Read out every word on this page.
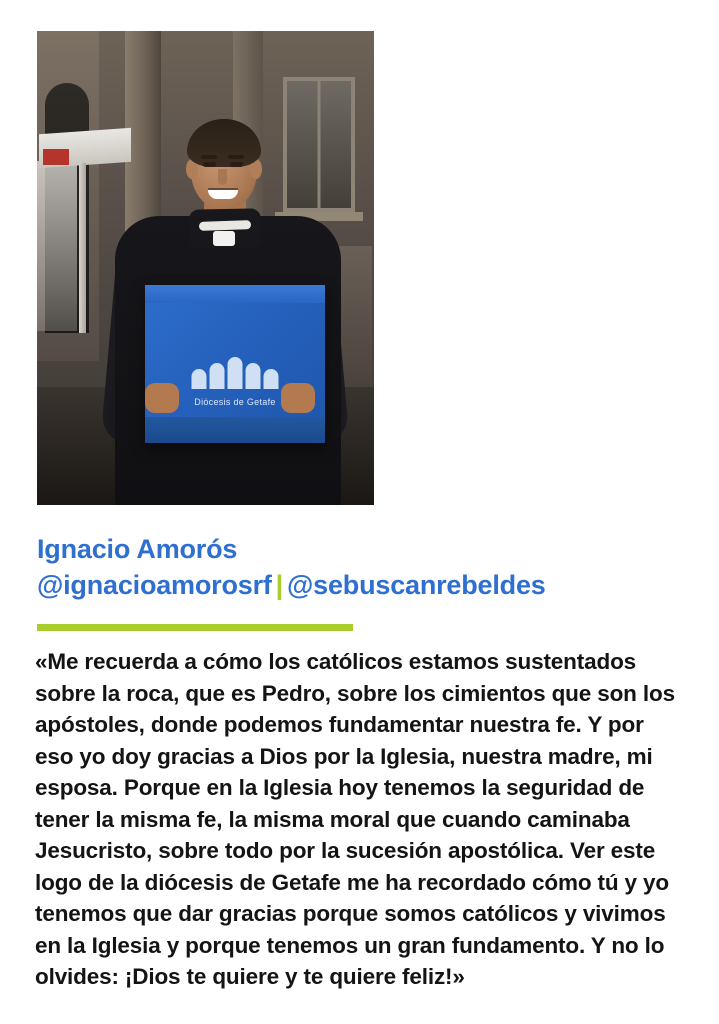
Diócesis de Getafe
Ignacio Amorós
@ignacioamorosrf | @sebuscanrebeldes
«Me recuerda a cómo los católicos estamos sustentados sobre la roca, que es Pedro, sobre los cimientos que son los apóstoles, donde podemos fundamentar nuestra fe. Y por eso yo doy gracias a Dios por la Iglesia, nuestra madre, mi esposa. Porque en la Iglesia hoy tenemos la seguridad de tener la misma fe, la misma moral que cuando caminaba Jesucristo, sobre todo por la sucesión apostólica. Ver este logo de la diócesis de Getafe me ha recordado cómo tú y yo tenemos que dar gracias porque somos católicos y vivimos en la Iglesia y porque tenemos un gran fundamento. Y no lo olvides: ¡Dios te quiere y te quiere feliz!»
